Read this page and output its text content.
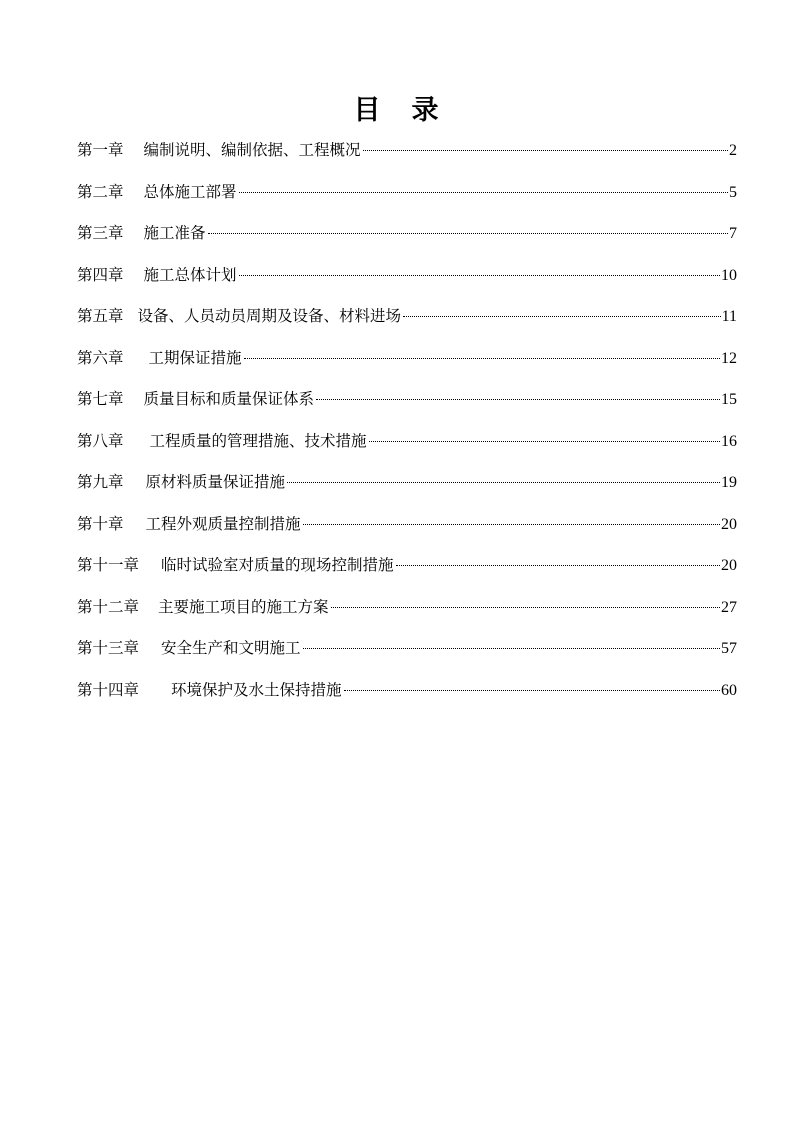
目　录
第一章 编制说明、编制依据、工程概况	2
第二章 总体施工部署	5
第三章 施工准备	7
第四章 施工总体计划	10
第五章 设备、人员动员周期及设备、材料进场	11
第六章 工期保证措施	12
第七章 质量目标和质量保证体系	15
第八章 工程质量的管理措施、技术措施	16
第九章 原材料质量保证措施	19
第十章 工程外观质量控制措施	20
第十一章 临时试验室对质量的现场控制措施	20
第十二章 主要施工项目的施工方案	27
第十三章 安全生产和文明施工	57
第十四章 环境保护及水土保持措施	60
